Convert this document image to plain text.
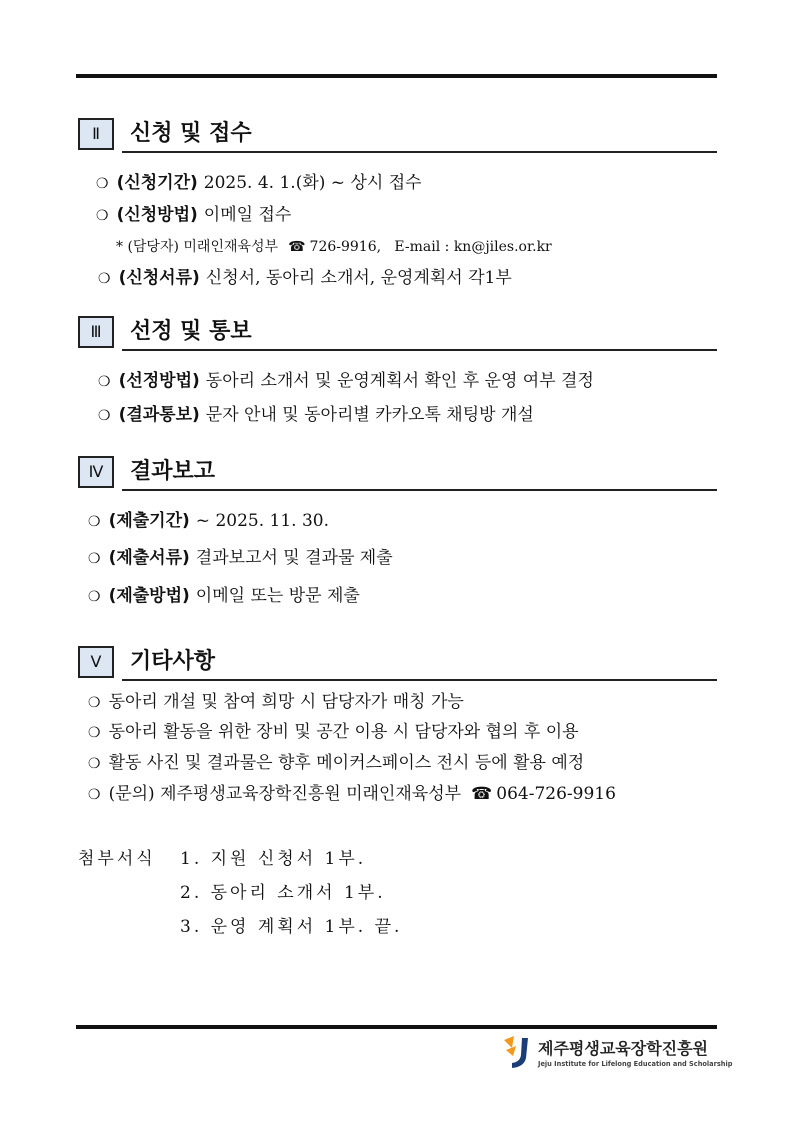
Ⅱ	신청 및 접수
❍ (신청기간) 2025. 4. 1.(화) ~ 상시 접수
❍ (신청방법) 이메일 접수
* (담당자) 미래인재육성부 ☎ 726-9916, E-mail : kn@jiles.or.kr
❍ (신청서류) 신청서, 동아리 소개서, 운영계획서 각1부
Ⅲ	선정 및 통보
❍ (선정방법) 동아리 소개서 및 운영계획서 확인 후 운영 여부 결정
❍ (결과통보) 문자 안내 및 동아리별 카카오톡 채팅방 개설
Ⅳ	결과보고
❍ (제출기간) ~ 2025. 11. 30.
❍ (제출서류) 결과보고서 및 결과물 제출
❍ (제출방법) 이메일 또는 방문 제출
Ⅴ	기타사항
❍ 동아리 개설 및 참여 희망 시 담당자가 매칭 가능
❍ 동아리 활동을 위한 장비 및 공간 이용 시 담당자와 협의 후 이용
❍ 활동 사진 및 결과물은 향후 메이커스페이스 전시 등에 활용 예정
❍ (문의) 제주평생교육장학진흥원 미래인재육성부 ☎ 064-726-9916
첨부서식 1. 지원 신청서 1부.
2. 동아리 소개서 1부.
3. 운영 계획서 1부. 끝.
제주평생교육장학진흥원
Jeju Institute for Lifelong Education and Scholarship
